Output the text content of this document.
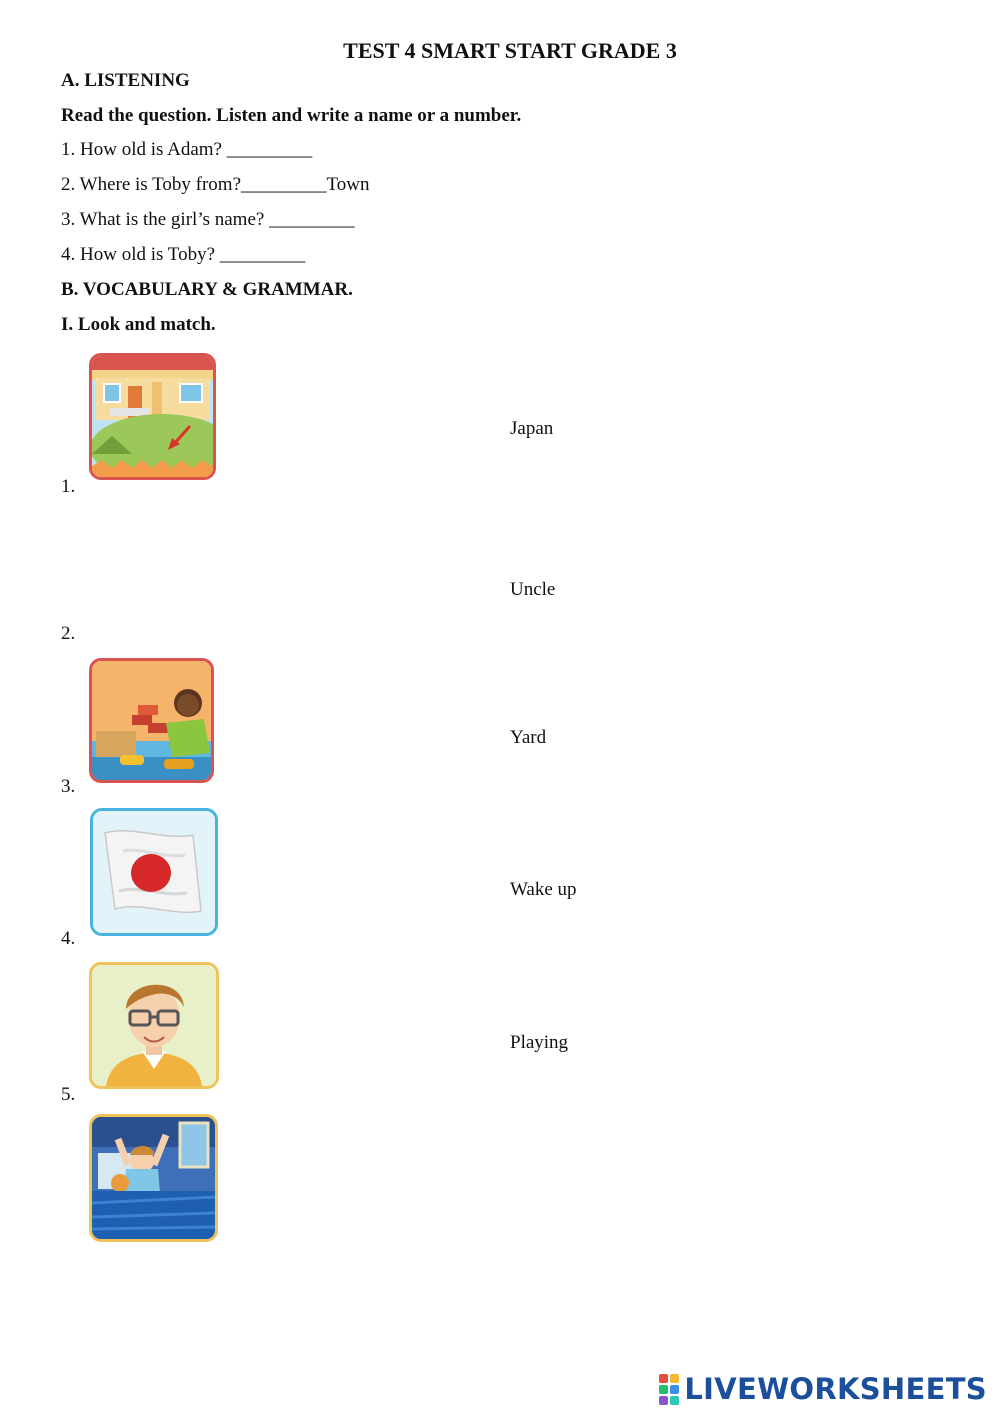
TEST 4 SMART START GRADE 3
A. LISTENING
Read the question. Listen and write a name or a number.
1. How old is Adam? _________
2. Where is Toby from?_________Town
3. What is the girl’s name? _________
4. How old is Toby? _________
B. VOCABULARY & GRAMMAR.
I. Look and match.
1.
2.
3.
4.
5.
Japan
Uncle
Yard
Wake up
Playing
LIVEWORKSHEETS
